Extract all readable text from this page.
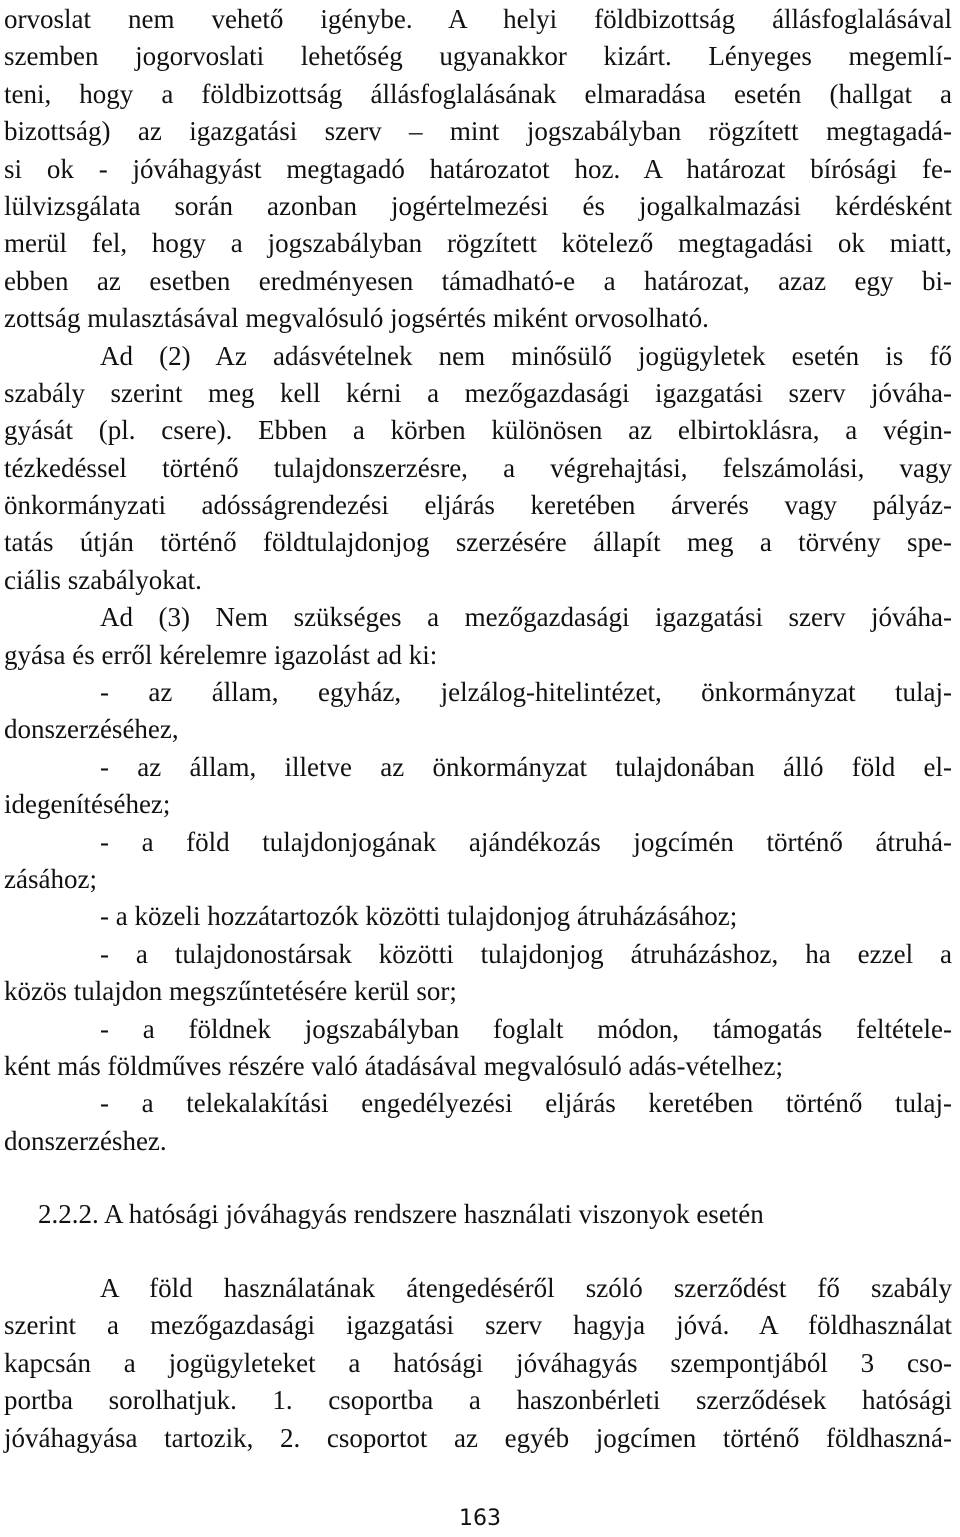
orvoslat nem vehető igénybe. A helyi földbizottság állásfoglalásával
szemben jogorvoslati lehetőség ugyanakkor kizárt. Lényeges megemlí-
teni, hogy a földbizottság állásfoglalásának elmaradása esetén (hallgat a
bizottság) az igazgatási szerv – mint jogszabályban rögzített megtagadá-
si ok - jóváhagyást megtagadó határozatot hoz. A határozat bírósági fe-
lülvizsgálata során azonban jogértelmezési és jogalkalmazási kérdésként
merül fel, hogy a jogszabályban rögzített kötelező megtagadási ok miatt,
ebben az esetben eredményesen támadható-e a határozat, azaz egy bi-
zottság mulasztásával megvalósuló jogsértés miként orvosolható.
Ad (2) Az adásvételnek nem minősülő jogügyletek esetén is fő
szabály szerint meg kell kérni a mezőgazdasági igazgatási szerv jóváha-
gyását (pl. csere). Ebben a körben különösen az elbirtoklásra, a végin-
tézkedéssel történő tulajdonszerzésre, a végrehajtási, felszámolási, vagy
önkormányzati adósságrendezési eljárás keretében árverés vagy pályáz-
tatás útján történő földtulajdonjog szerzésére állapít meg a törvény spe-
ciális szabályokat.
Ad (3) Nem szükséges a mezőgazdasági igazgatási szerv jóváha-
gyása és erről kérelemre igazolást ad ki:
- az állam, egyház, jelzálog-hitelintézet, önkormányzat tulaj-
donszerzéséhez,
- az állam, illetve az önkormányzat tulajdonában álló föld el-
idegenítéséhez;
- a föld tulajdonjogának ajándékozás jogcímén történő átruhá-
zásához;
- a közeli hozzátartozók közötti tulajdonjog átruházásához;
- a tulajdonostársak közötti tulajdonjog átruházáshoz, ha ezzel a
közös tulajdon megszűntetésére kerül sor;
- a földnek jogszabályban foglalt módon, támogatás feltétele-
ként más földműves részére való átadásával megvalósuló adás-vételhez;
- a telekalakítási engedélyezési eljárás keretében történő tulaj-
donszerzéshez.
2.2.2. A hatósági jóváhagyás rendszere használati viszonyok esetén
A föld használatának átengedéséről szóló szerződést fő szabály
szerint a mezőgazdasági igazgatási szerv hagyja jóvá. A földhasználat
kapcsán a jogügyleteket a hatósági jóváhagyás szempontjából 3 cso-
portba sorolhatjuk. 1. csoportba a haszonbérleti szerződések hatósági
jóváhagyása tartozik, 2. csoportot az egyéb jogcímen történő földhaszná-
163
